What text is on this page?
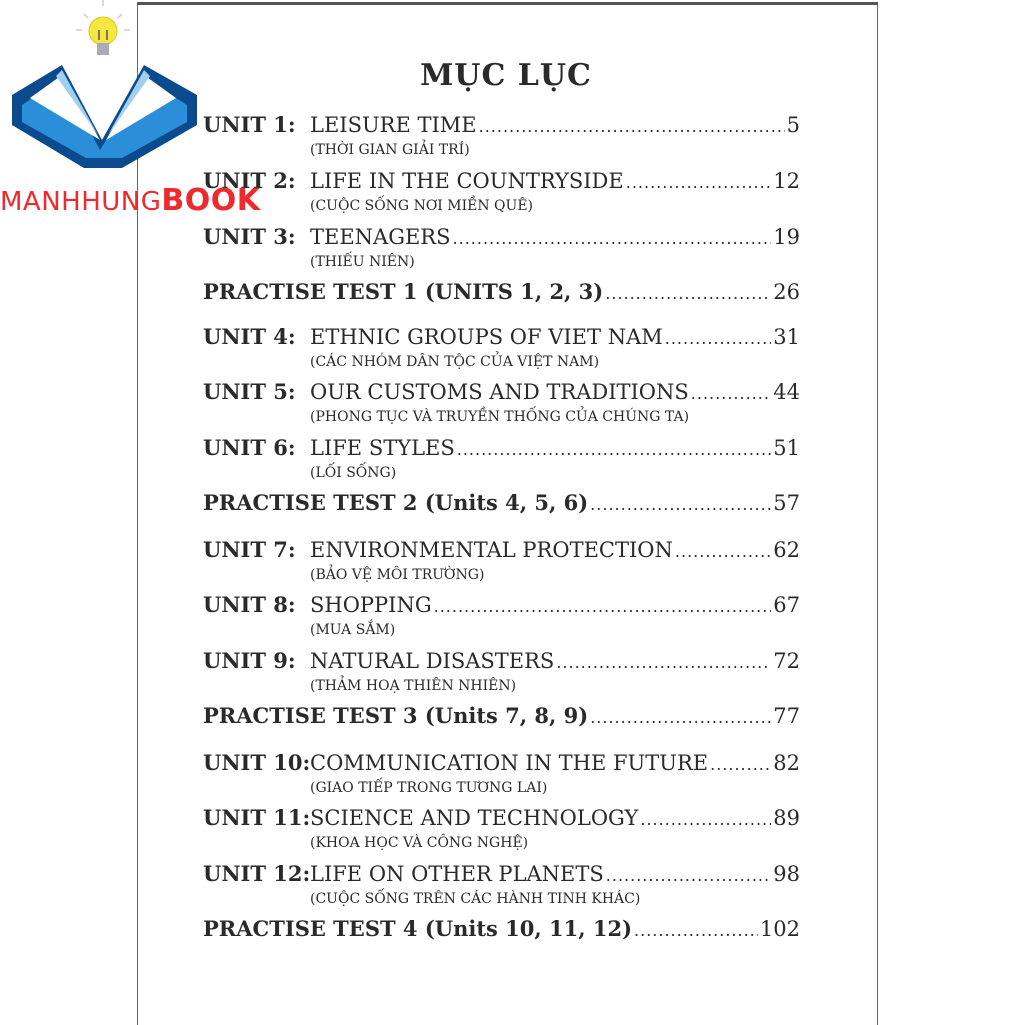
MỤC LỤC
UNIT 1: LEISURE TIME .....	5
(THỜI GIAN GIẢI TRÍ)
UNIT 2: LIFE IN THE COUNTRYSIDE .....	12
(CUỘC SỐNG NƠI MIỀN QUÊ)
UNIT 3: TEENAGERS .....	19
(THIẾU NIÊN)
PRACTISE TEST 1 (UNITS 1, 2, 3) .....	26
UNIT 4: ETHNIC GROUPS OF VIET NAM .....	31
(CÁC NHÓM DÂN TỘC CỦA VIỆT NAM)
UNIT 5: OUR CUSTOMS AND TRADITIONS .....	44
(PHONG TỤC VÀ TRUYỀN THỐNG CỦA CHÚNG TA)
UNIT 6: LIFE STYLES .....	51
(LỐI SỐNG)
PRACTISE TEST 2 (Units 4, 5, 6) .....	57
UNIT 7: ENVIRONMENTAL PROTECTION .....	62
(BẢO VỆ MÔI TRƯỜNG)
UNIT 8: SHOPPING .....	67
(MUA SẮM)
UNIT 9: NATURAL DISASTERS .....	72
(THẢM HOẠ THIÊN NHIÊN)
PRACTISE TEST 3 (Units 7, 8, 9) .....	77
UNIT 10: COMMUNICATION IN THE FUTURE .....	82
(GIAO TIẾP TRONG TƯƠNG LAI)
UNIT 11: SCIENCE AND TECHNOLOGY .....	89
(KHOA HỌC VÀ CÔNG NGHỆ)
UNIT 12: LIFE ON OTHER PLANETS .....	98
(CUỘC SỐNG TRÊN CÁC HÀNH TINH KHÁC)
PRACTISE TEST 4 (Units 10, 11, 12) .....	102
MANHHUNGBOOK
